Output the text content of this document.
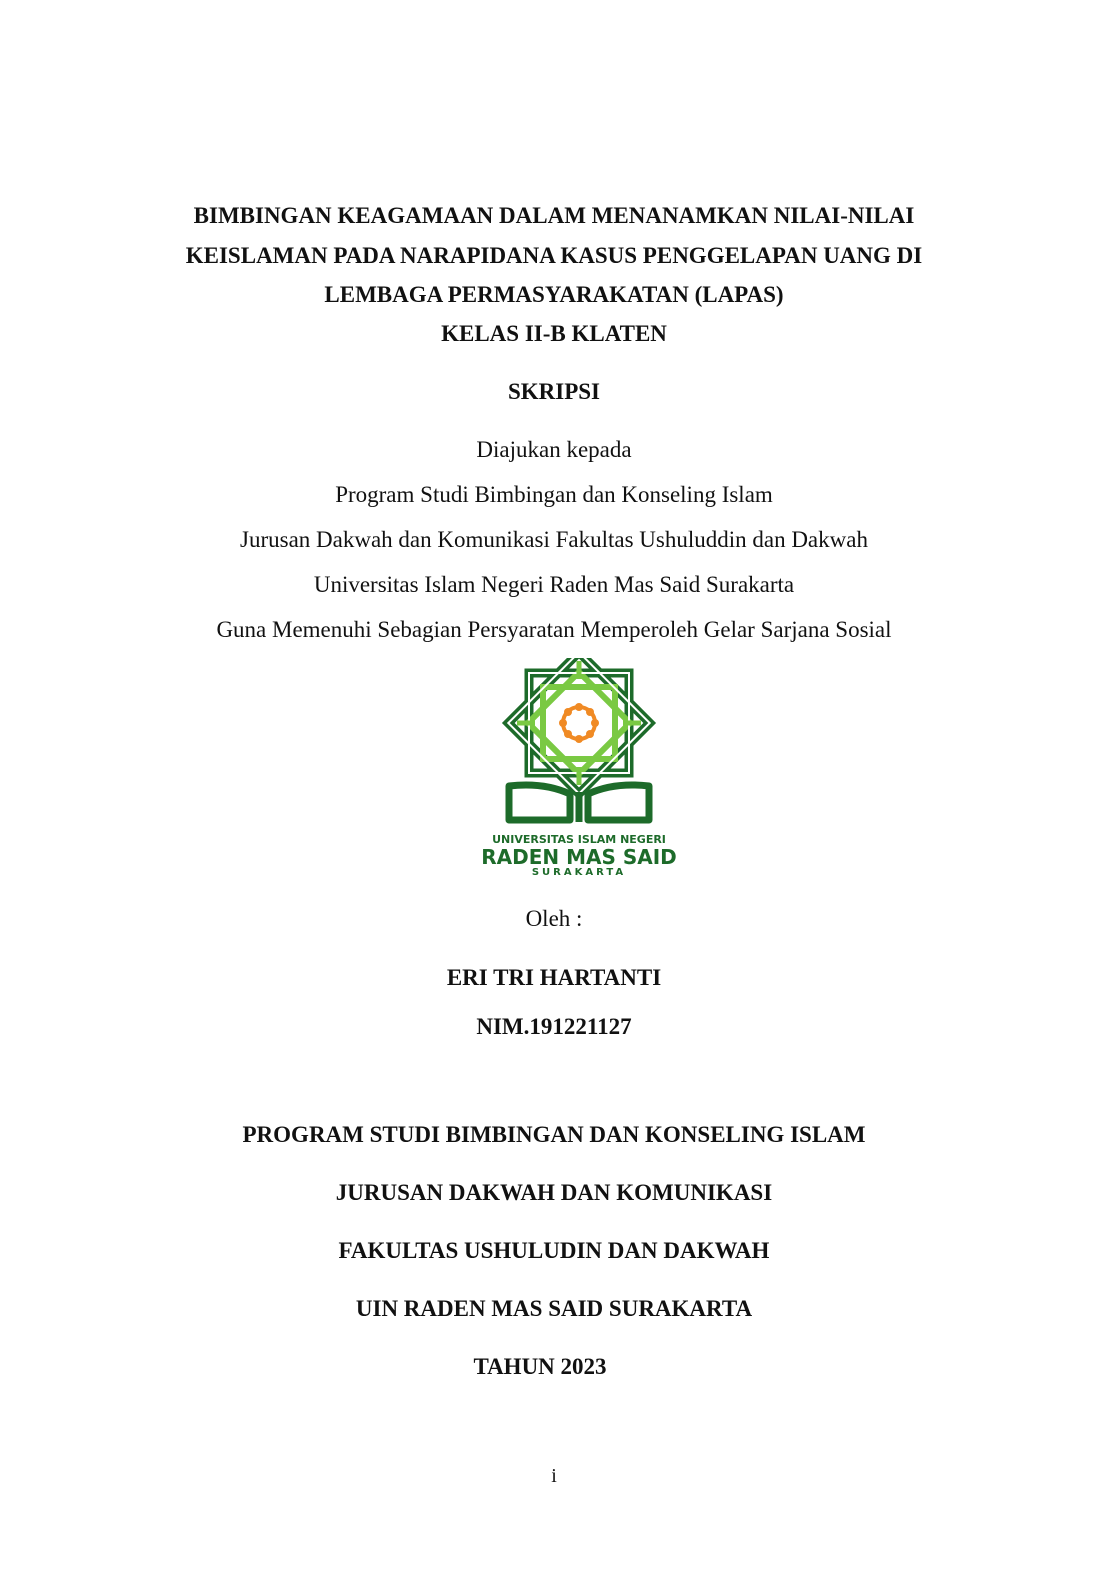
BIMBINGAN KEAGAMAAN DALAM MENANAMKAN NILAI-NILAI
KEISLAMAN PADA NARAPIDANA KASUS PENGGELAPAN UANG DI
LEMBAGA PERMASYARAKATAN (LAPAS)
KELAS II-B KLATEN
SKRIPSI
Diajukan kepada
Program Studi Bimbingan dan Konseling Islam
Jurusan Dakwah dan Komunikasi Fakultas Ushuluddin dan Dakwah
Universitas Islam Negeri Raden Mas Said Surakarta
Guna Memenuhi Sebagian Persyaratan Memperoleh Gelar Sarjana Sosial
UNIVERSITAS ISLAM NEGERI
RADEN MAS SAID
SURAKARTA
Oleh :
ERI TRI HARTANTI
NIM.191221127
PROGRAM STUDI BIMBINGAN DAN KONSELING ISLAM
JURUSAN DAKWAH DAN KOMUNIKASI
FAKULTAS USHULUDIN DAN DAKWAH
UIN RADEN MAS SAID SURAKARTA
TAHUN 2023
i
